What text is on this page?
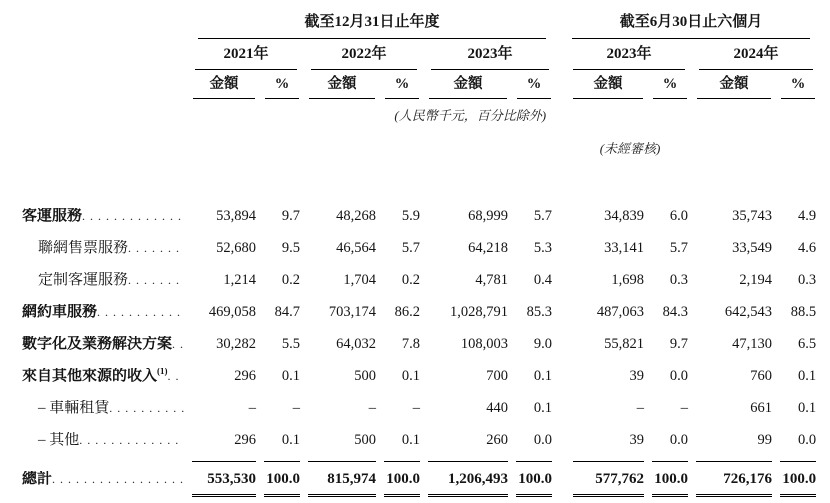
	截至12月31日止年度						截至6月30日止六個月			

	2021年		2022年		2023年		2023年		2024年	

	金額	%	金額	%	金額	%	金額	%	金額	%

	(人民幣千元，百分比除外)									
							(未經審核)			

客運服務
. . .	53,894	9.7	48,268	5.9	68,999	5.7	34,839	6.0	35,743	4.9

聯網售票服務
. . .	52,680	9.5	46,564	5.7	64,218	5.3	33,141	5.7	33,549	4.6

定制客運服務
. . .	1,214	0.2	1,704	0.2	4,781	0.4	1,698	0.3	2,194	0.3

網約車服務
. . .	469,058	84.7	703,174	86.2	1,028,791	85.3	487,063	84.3	642,543	88.5

數字化及業務解決方案
. . .	30,282	5.5	64,032	7.8	108,003	9.0	55,821	9.7	47,130	6.5

來自其他來源的收入$^{(1)}$
. . .	296	0.1	500	0.1	700	0.1	39	0.0	760	0.1

– 車輛租賃
. . .	–	–	–	–	440	0.1	–	–	661	0.1

– 其他
. . .	296	0.1	500	0.1	260	0.0	39	0.0	99	0.0

總計
. . .	553,530	100.0	815,974	100.0	1,206,493	100.0	577,762	100.0	726,176	100.0
